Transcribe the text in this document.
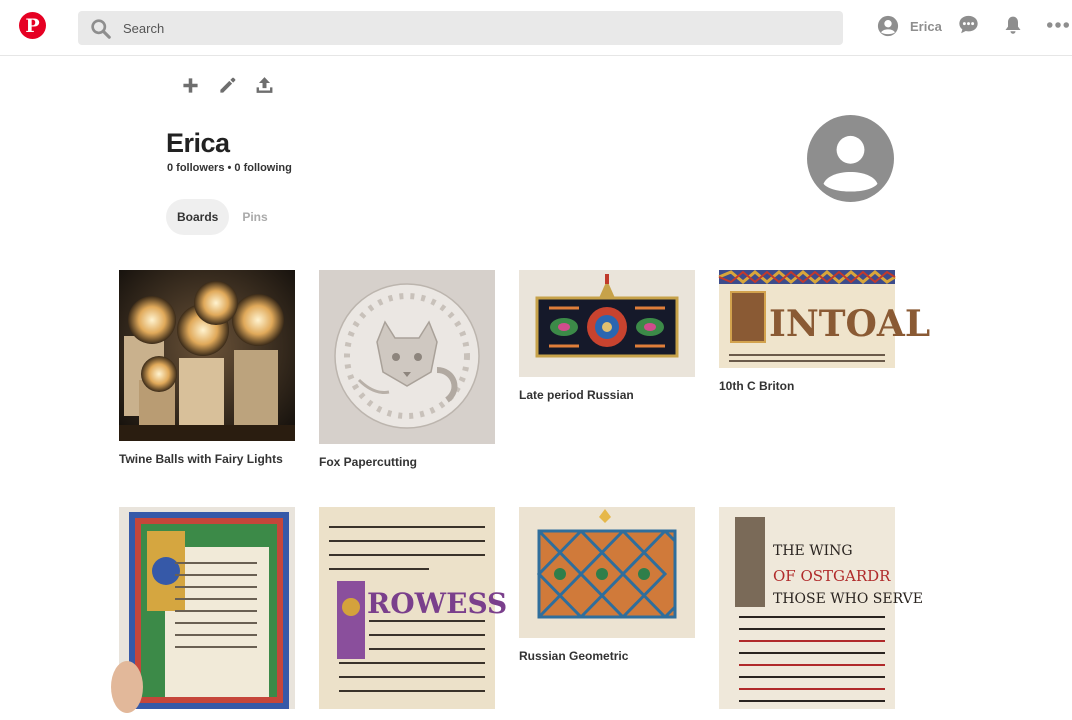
P
Search	Erica
Erica
0 followers • 0 following
Boards	Pins
Twine Balls with Fairy Lights	Fox Papercutting
Late period Russian
INTOAL
10th C Briton
ROWESS
Russian Geometric
THE WING
OF OSTGARDR
THOSE WHO SERVE
